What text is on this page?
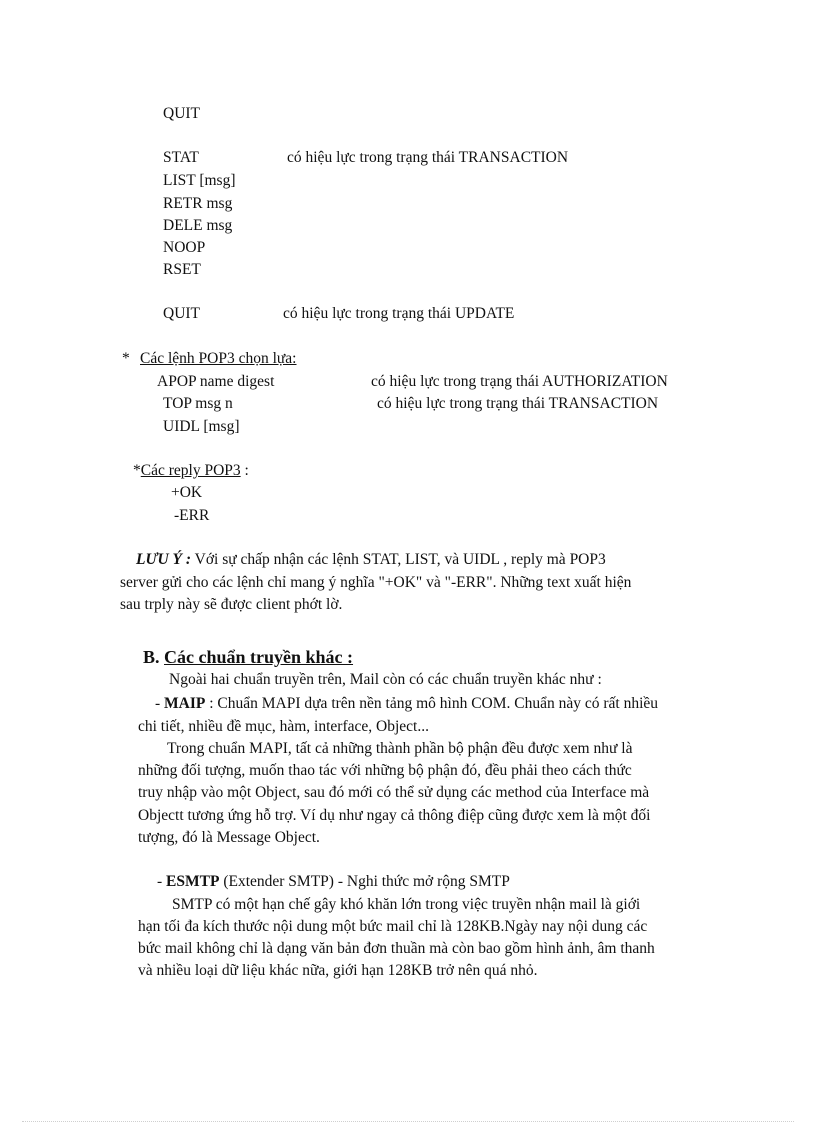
QUIT
STAT	có hiệu lực trong trạng thái TRANSACTION
LIST [msg]
RETR msg
DELE msg
NOOP
RSET
QUIT	có hiệu lực trong trạng thái UPDATE
* Các lệnh POP3 chọn lựa:
APOP name digest	có hiệu lực trong trạng thái AUTHORIZATION
TOP msg n	có hiệu lực trong trạng thái TRANSACTION
UIDL [msg]
*Các reply POP3 :
+OK
-ERR
LƯU Ý : Với sự chấp nhận các lệnh STAT, LIST, và UIDL , reply mà POP3
server gửi cho các lệnh chỉ mang ý nghĩa "+OK" và "-ERR". Những text xuất hiện
sau trply này sẽ được client phớt lờ.
B. Các chuẩn truyền khác :
Ngoài hai chuẩn truyền trên, Mail còn có các chuẩn truyền khác như :
- MAIP : Chuẩn MAPI dựa trên nền tảng mô hình COM. Chuẩn này có rất nhiều
chi tiết, nhiều đề mục, hàm, interface, Object...
Trong chuẩn MAPI, tất cả những thành phần bộ phận đều được xem như là
những đối tượng, muốn thao tác với những bộ phận đó, đều phải theo cách thức
truy nhập vào một Object, sau đó mới có thể sử dụng các method của Interface mà
Objectt tương ứng hỗ trợ. Ví dụ như ngay cả thông điệp cũng được xem là một đối
tượng, đó là Message Object.
- ESMTP (Extender SMTP) - Nghi thức mở rộng SMTP
SMTP có một hạn chế gây khó khăn lớn trong việc truyền nhận mail là giới
hạn tối đa kích thước nội dung một bức mail chỉ là 128KB.Ngày nay nội dung các
bức mail không chỉ là dạng văn bản đơn thuần mà còn bao gồm hình ảnh, âm thanh
và nhiều loại dữ liệu khác nữa, giới hạn 128KB trở nên quá nhỏ.
